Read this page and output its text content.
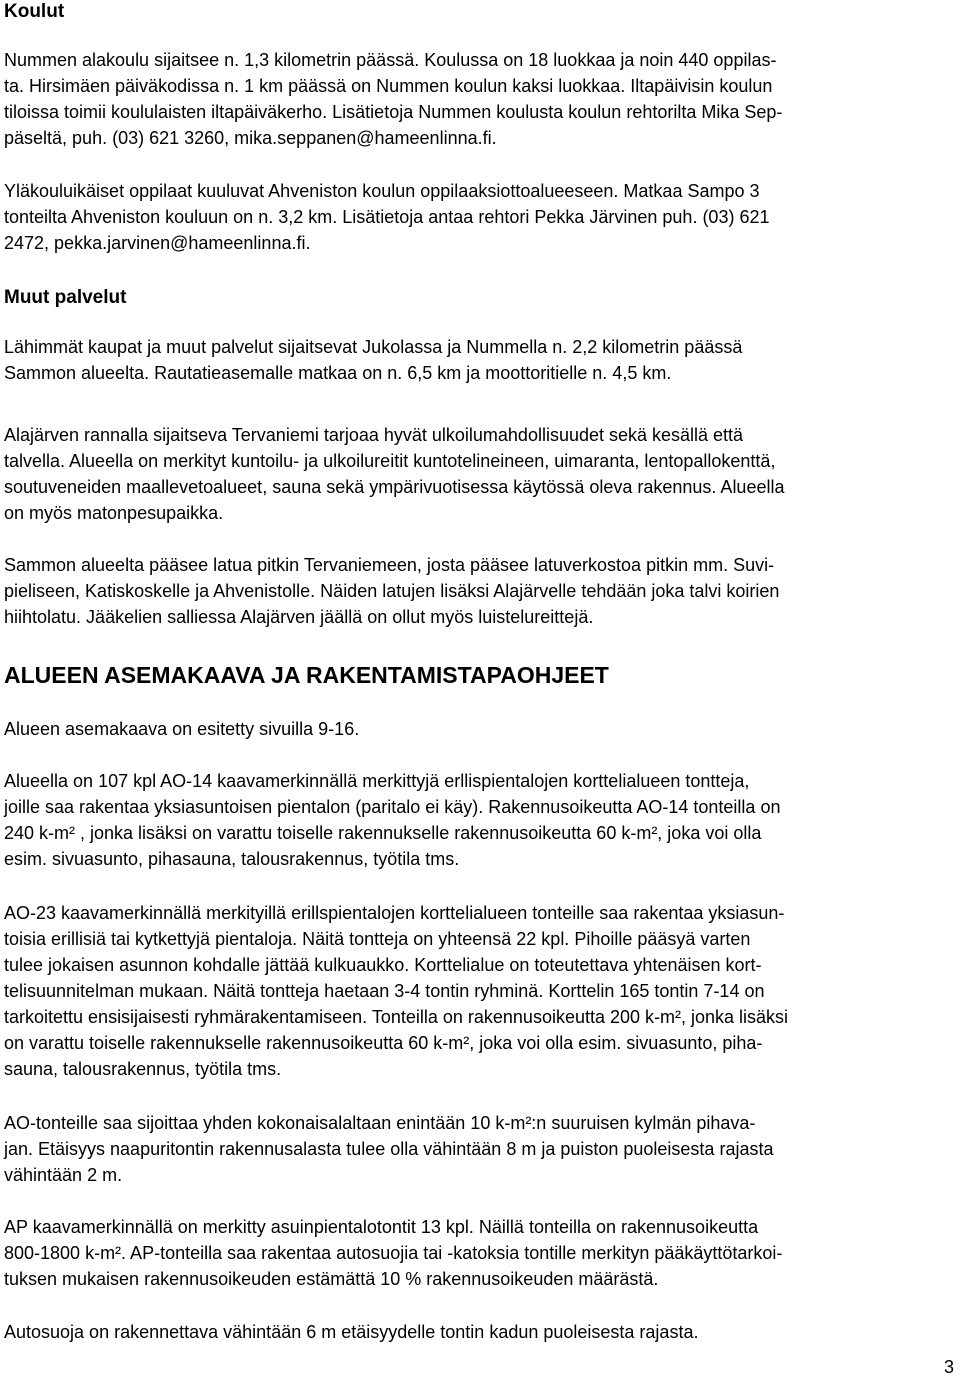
Koulut
Nummen alakoulu sijaitsee n. 1,3 kilometrin päässä. Koulussa on 18 luokkaa ja noin 440 oppilas-
ta. Hirsimäen päiväkodissa n. 1 km päässä on Nummen koulun kaksi luokkaa. Iltapäivisin koulun
tiloissa toimii koululaisten iltapäiväkerho. Lisätietoja Nummen koulusta koulun rehtorilta Mika Sep-
päseltä, puh. (03) 621 3260, mika.seppanen@hameenlinna.fi.
Yläkouluikäiset oppilaat kuuluvat Ahveniston koulun oppilaaksiottoalueeseen. Matkaa Sampo 3
tonteilta Ahveniston kouluun on n. 3,2 km. Lisätietoja antaa rehtori Pekka Järvinen puh. (03) 621
2472, pekka.jarvinen@hameenlinna.fi.
Muut palvelut
Lähimmät kaupat ja muut palvelut sijaitsevat Jukolassa ja Nummella n. 2,2 kilometrin päässä
Sammon alueelta. Rautatieasemalle matkaa on n. 6,5 km ja moottoritielle n. 4,5 km.
Alajärven rannalla sijaitseva Tervaniemi tarjoaa hyvät ulkoilumahdollisuudet sekä kesällä että
talvella. Alueella on merkityt kuntoilu- ja ulkoilureitit kuntotelineineen, uimaranta, lentopallokenttä,
soutuveneiden maallevetoalueet, sauna sekä ympärivuotisessa käytössä oleva rakennus. Alueella
on myös matonpesupaikka.
Sammon alueelta pääsee latua pitkin Tervaniemeen, josta pääsee latuverkostoa pitkin mm. Suvi-
pieliseen, Katiskoskelle ja Ahvenistolle. Näiden latujen lisäksi Alajärvelle tehdään joka talvi koirien
hiihtolatu. Jääkelien salliessa Alajärven jäällä on ollut myös luistelureittejä.
ALUEEN ASEMAKAAVA JA RAKENTAMISTAPAOHJEET
Alueen asemakaava on esitetty sivuilla 9-16.
Alueella on 107 kpl AO-14 kaavamerkinnällä merkittyjä erllispientalojen korttelialueen tontteja,
joille saa rakentaa yksiasuntoisen pientalon (paritalo ei käy). Rakennusoikeutta AO-14 tonteilla on
240 k-m² , jonka lisäksi on varattu toiselle rakennukselle rakennusoikeutta 60 k-m², joka voi olla
esim. sivuasunto, pihasauna, talousrakennus, työtila tms.
AO-23 kaavamerkinnällä merkityillä erillspientalojen korttelialueen tonteille saa rakentaa yksiasun-
toisia erillisiä tai kytkettyjä pientaloja. Näitä tontteja on yhteensä 22 kpl. Pihoille pääsyä varten
tulee jokaisen asunnon kohdalle jättää kulkuaukko. Korttelialue on toteutettava yhtenäisen kort-
telisuunnitelman mukaan. Näitä tontteja haetaan 3-4 tontin ryhminä. Korttelin 165 tontin 7-14 on
tarkoitettu ensisijaisesti ryhmärakentamiseen. Tonteilla on rakennusoikeutta 200 k-m², jonka lisäksi
on varattu toiselle rakennukselle rakennusoikeutta 60 k-m², joka voi olla esim. sivuasunto, piha-
sauna, talousrakennus, työtila tms.
AO-tonteille saa sijoittaa yhden kokonaisalaltaan enintään 10 k-m²:n suuruisen kylmän pihava-
jan. Etäisyys naapuritontin rakennusalasta tulee olla vähintään 8 m ja puiston puoleisesta rajasta
vähintään 2 m.
AP kaavamerkinnällä on merkitty asuinpientalotontit 13 kpl. Näillä tonteilla on rakennusoikeutta
800-1800 k-m². AP-tonteilla saa rakentaa autosuojia tai -katoksia tontille merkityn pääkäyttötarkoi-
tuksen mukaisen rakennusoikeuden estämättä 10 % rakennusoikeuden määrästä.
Autosuoja on rakennettava vähintään 6 m etäisyydelle tontin kadun puoleisesta rajasta.
3
